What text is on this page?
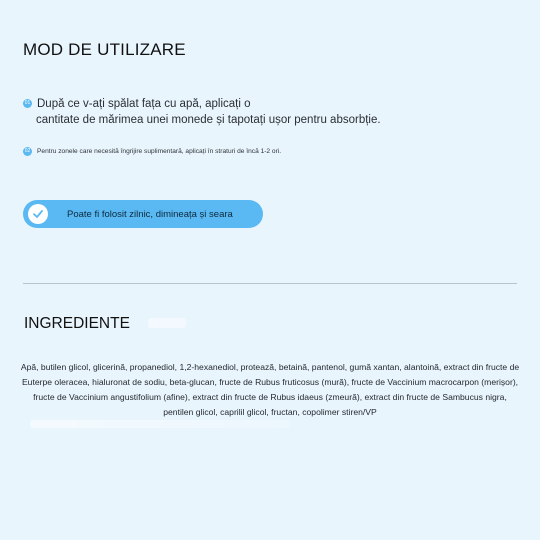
MOD DE UTILIZARE
01 După ce v-ați spălat fața cu apă, aplicați o
cantitate de mărimea unei monede și tapotați ușor pentru absorbție.
02 Pentru zonele care necesită îngrijire suplimentară, aplicați în straturi de încă 1-2 ori.
Poate fi folosit zilnic, dimineața și seara
INGREDIENTE
Apă, butilen glicol, glicerină, propanediol, 1,2-hexanediol, protează, betaină, pantenol, gumă xantan, alantoină, extract din fructe de Euterpe oleracea, hialuronat de sodiu, beta-glucan, fructe de Rubus fruticosus (mură), fructe de Vaccinium macrocarpon (merișor), fructe de Vaccinium angustifolium (afine), extract din fructe de Rubus idaeus (zmeură), extract din fructe de Sambucus nigra, pentilen glicol, caprilil glicol, fructan, copolimer stiren/VP
